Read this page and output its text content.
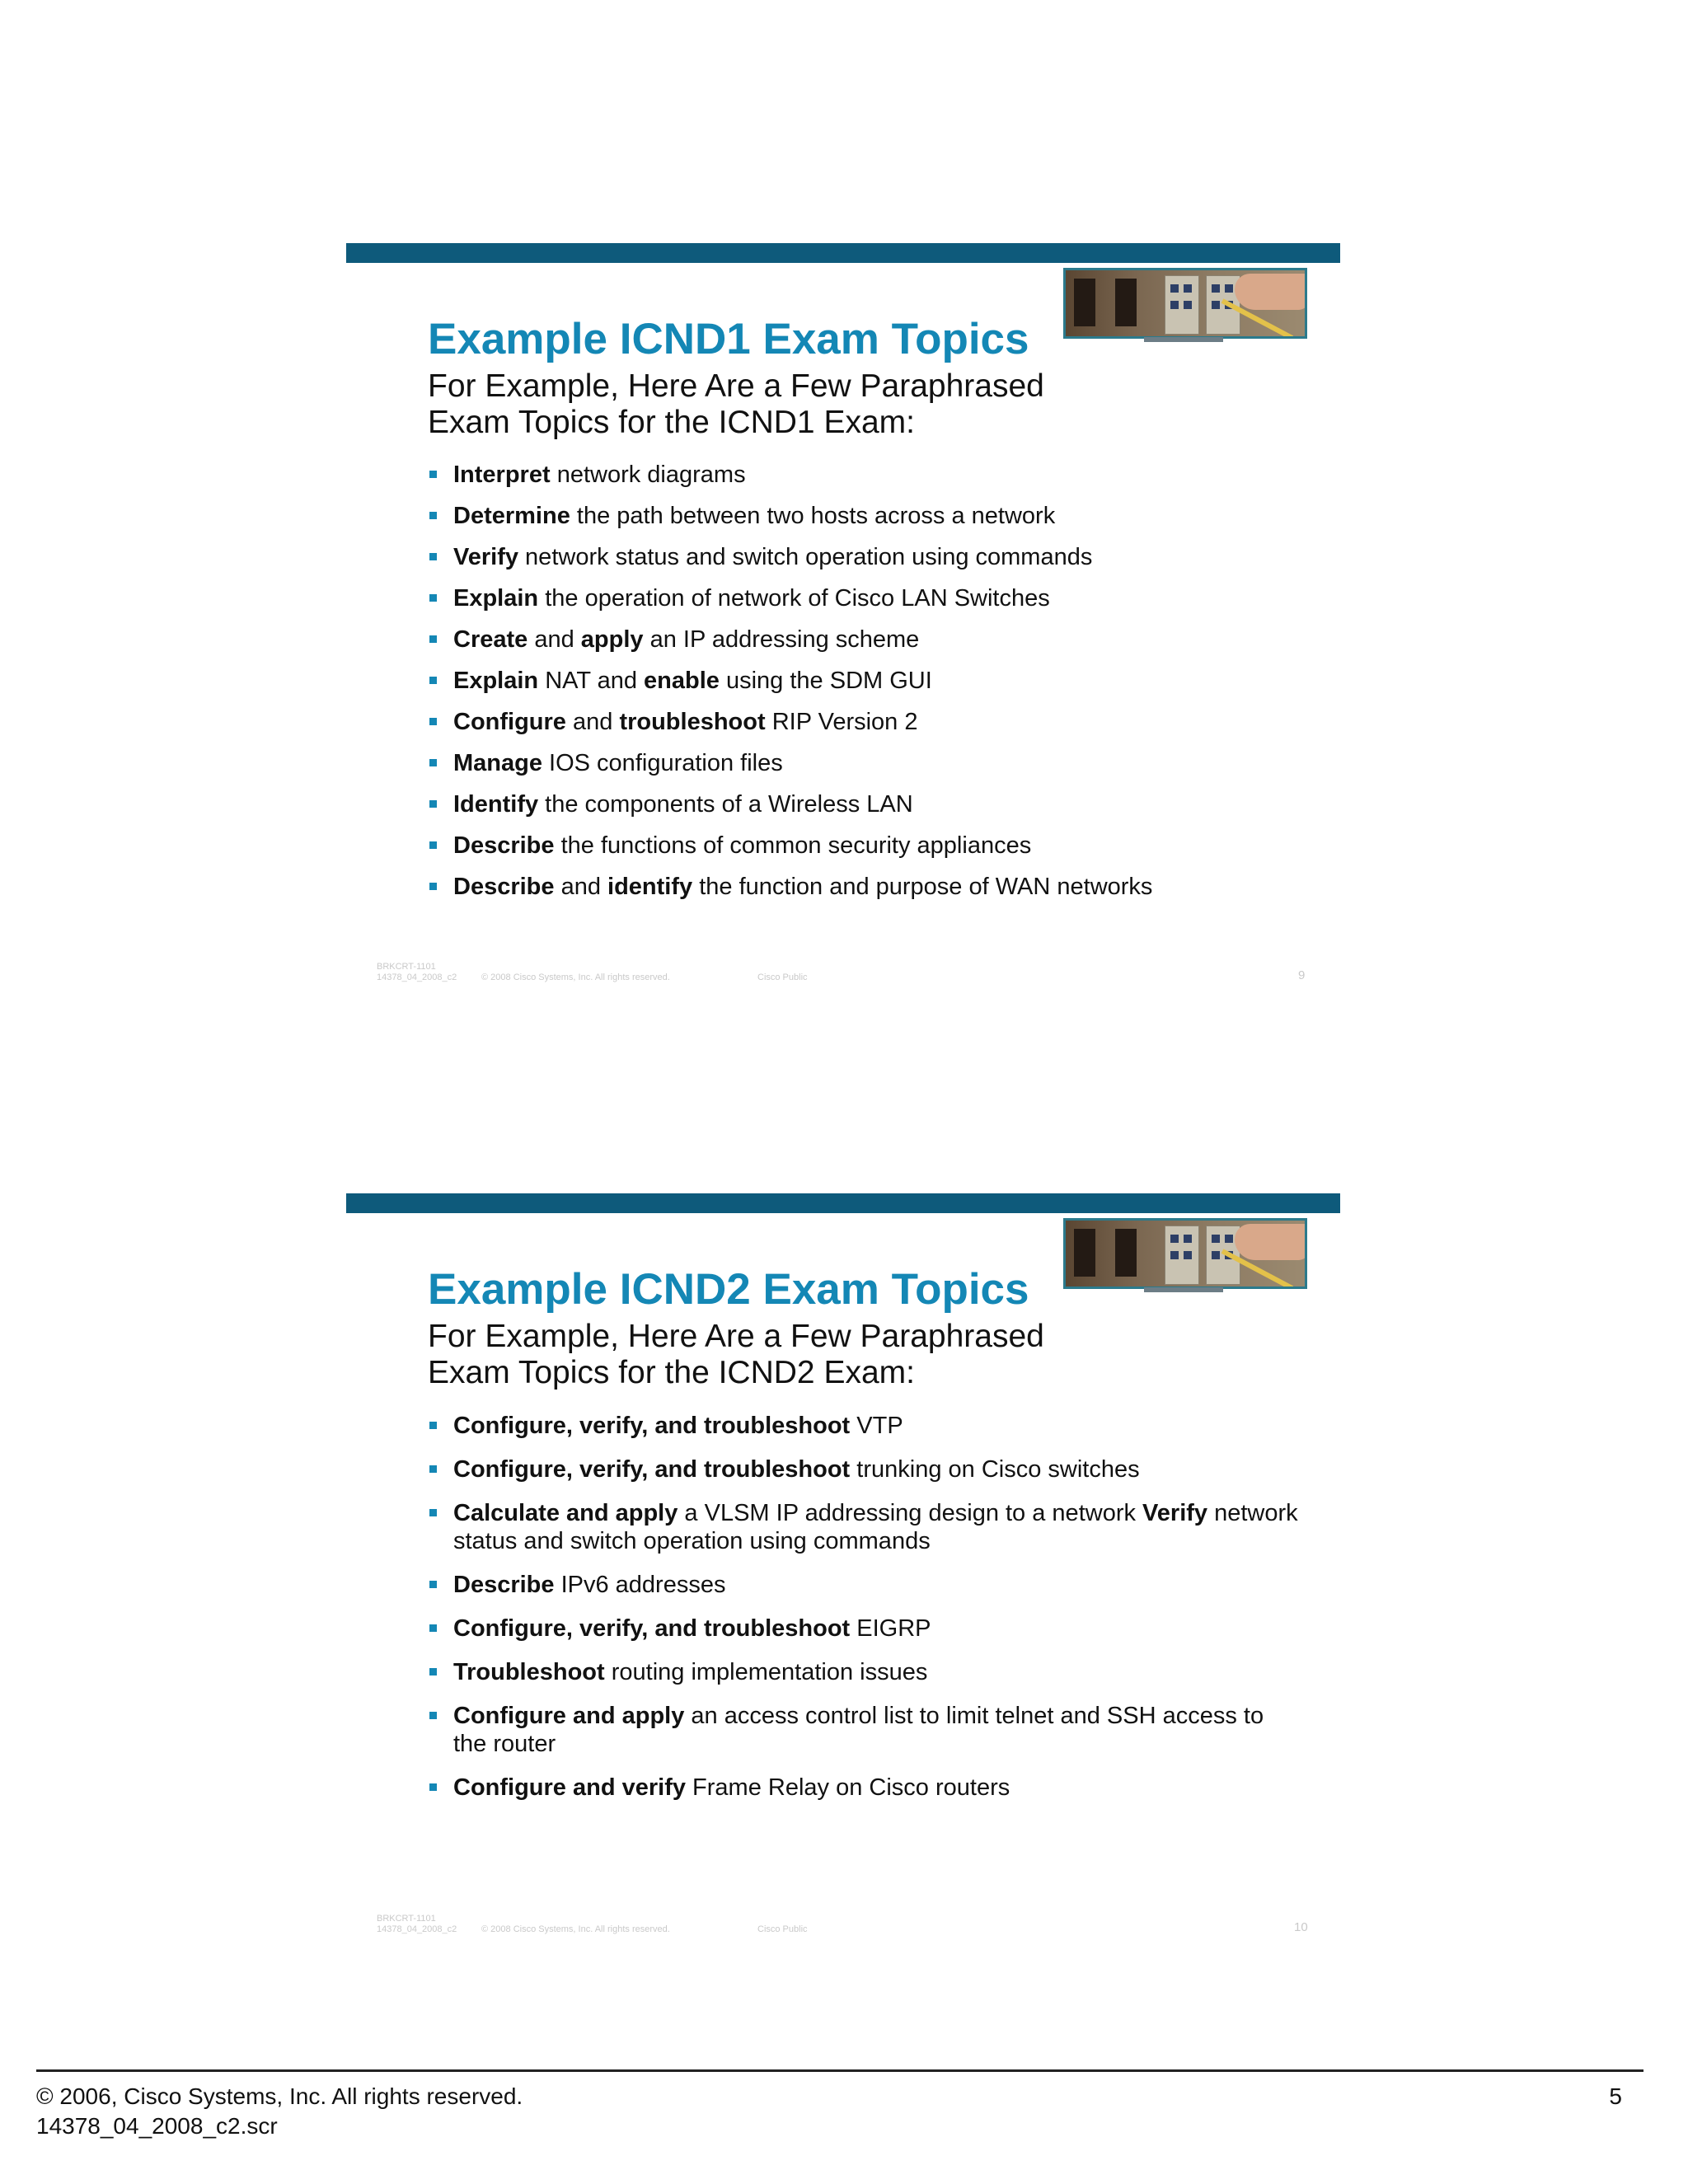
Example ICND1 Exam Topics
For Example, Here Are a Few Paraphrased
Exam Topics for the ICND1 Exam:
Interpret network diagrams
Determine the path between two hosts across a network
Verify network status and switch operation using commands
Explain the operation of network of Cisco LAN Switches
Create and apply an IP addressing scheme
Explain NAT and enable using the SDM GUI
Configure and troubleshoot RIP Version 2
Manage IOS configuration files
Identify the components of a Wireless LAN
Describe the functions of common security appliances
Describe and identify the function and purpose of WAN networks
BRKCRT-1101
14378_04_2008_c2	© 2008 Cisco Systems, Inc. All rights reserved.	Cisco Public	9
Example ICND2 Exam Topics
For Example, Here Are a Few Paraphrased
Exam Topics for the ICND2 Exam:
Configure, verify, and troubleshoot VTP
Configure, verify, and troubleshoot trunking on Cisco switches
Calculate and apply a VLSM IP addressing design to a network Verify network status and switch operation using commands
Describe IPv6 addresses
Configure, verify, and troubleshoot EIGRP
Troubleshoot routing implementation issues
Configure and apply an access control list to limit telnet and SSH access to the router
Configure and verify Frame Relay on Cisco routers
BRKCRT-1101
14378_04_2008_c2	© 2008 Cisco Systems, Inc. All rights reserved.	Cisco Public	10
© 2006, Cisco Systems, Inc. All rights reserved.
14378_04_2008_c2.scr
5
